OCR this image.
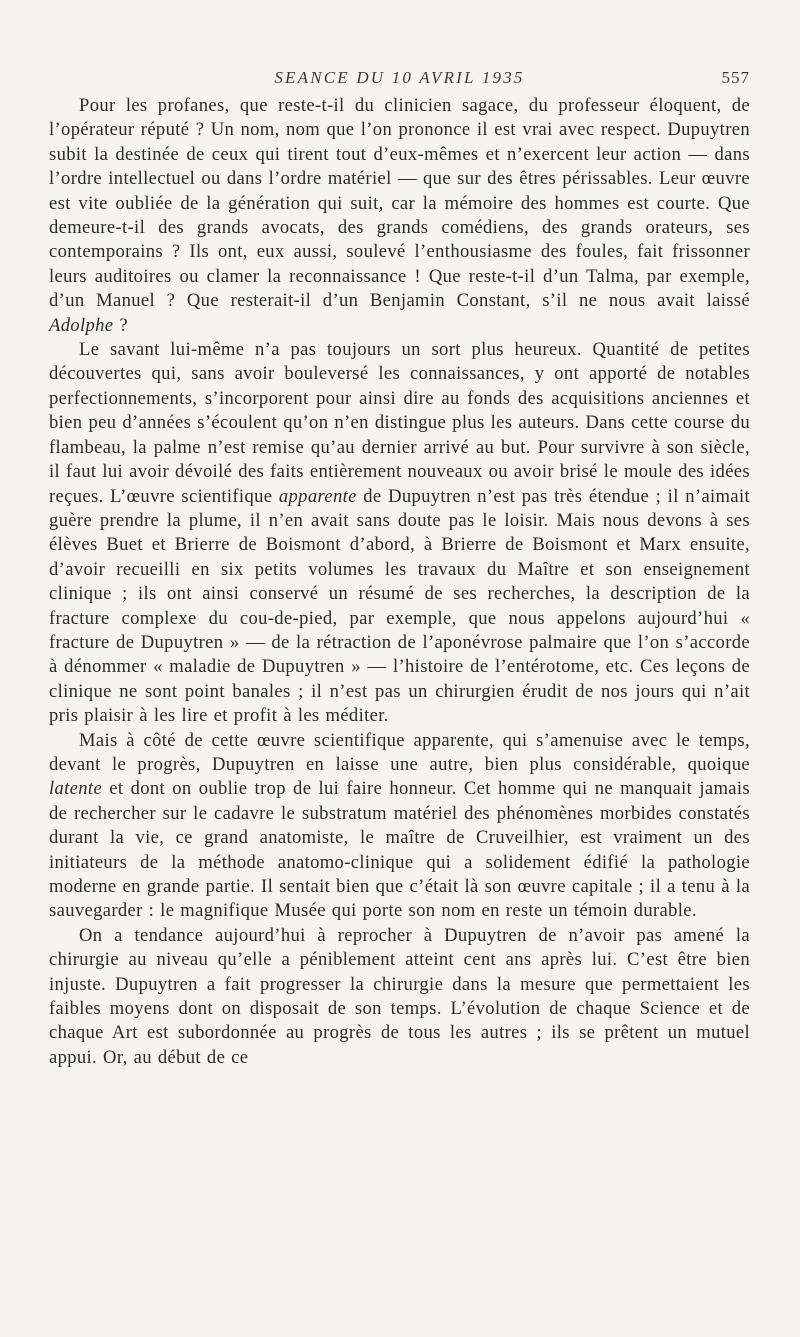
SEANCE DU 10 AVRIL 1935	557

Pour les profanes, que reste-t-il du clinicien sagace, du professeur éloquent, de l’opérateur réputé ? Un nom, nom que l’on prononce il est vrai avec respect. Dupuytren subit la destinée de ceux qui tirent tout d’eux-mêmes et n’exercent leur action — dans l’ordre intellectuel ou dans l’ordre matériel — que sur des êtres périssables. Leur œuvre est vite oubliée de la génération qui suit, car la mémoire des hommes est courte. Que demeure-t-il des grands avocats, des grands comédiens, des grands orateurs, ses contemporains ? Ils ont, eux aussi, soulevé l’enthousiasme des foules, fait frissonner leurs auditoires ou clamer la reconnaissance ! Que reste-t-il d’un Talma, par exemple, d’un Manuel ? Que resterait-il d’un Benjamin Constant, s’il ne nous avait laissé Adolphe ?

Le savant lui-même n’a pas toujours un sort plus heureux. Quantité de petites découvertes qui, sans avoir bouleversé les connaissances, y ont apporté de notables perfectionnements, s’incorporent pour ainsi dire au fonds des acquisitions anciennes et bien peu d’années s’écoulent qu’on n’en distingue plus les auteurs. Dans cette course du flambeau, la palme n’est remise qu’au dernier arrivé au but. Pour survivre à son siècle, il faut lui avoir dévoilé des faits entièrement nouveaux ou avoir brisé le moule des idées reçues. L’œuvre scientifique apparente de Dupuytren n’est pas très étendue ; il n’aimait guère prendre la plume, il n’en avait sans doute pas le loisir. Mais nous devons à ses élèves Buet et Brierre de Boismont d’abord, à Brierre de Boismont et Marx ensuite, d’avoir recueilli en six petits volumes les travaux du Maître et son enseignement clinique ; ils ont ainsi conservé un résumé de ses recherches, la description de la fracture complexe du cou-de-pied, par exemple, que nous appelons aujourd’hui « fracture de Dupuytren » — de la rétraction de l’aponévrose palmaire que l’on s’accorde à dénommer « maladie de Dupuytren » — l’histoire de l’entérotome, etc. Ces leçons de clinique ne sont point banales ; il n’est pas un chirurgien érudit de nos jours qui n’ait pris plaisir à les lire et profit à les méditer.

Mais à côté de cette œuvre scientifique apparente, qui s’amenuise avec le temps, devant le progrès, Dupuytren en laisse une autre, bien plus considérable, quoique latente et dont on oublie trop de lui faire honneur. Cet homme qui ne manquait jamais de rechercher sur le cadavre le substratum matériel des phénomènes morbides constatés durant la vie, ce grand anatomiste, le maître de Cruveilhier, est vraiment un des initiateurs de la méthode anatomo-clinique qui a solidement édifié la pathologie moderne en grande partie. Il sentait bien que c’était là son œuvre capitale ; il a tenu à la sauvegarder : le magnifique Musée qui porte son nom en reste un témoin durable.

On a tendance aujourd’hui à reprocher à Dupuytren de n’avoir pas amené la chirurgie au niveau qu’elle a péniblement atteint cent ans après lui. C’est être bien injuste. Dupuytren a fait progresser la chirurgie dans la mesure que permettaient les faibles moyens dont on disposait de son temps. L’évolution de chaque Science et de chaque Art est subordonnée au progrès de tous les autres ; ils se prêtent un mutuel appui. Or, au début de ce
